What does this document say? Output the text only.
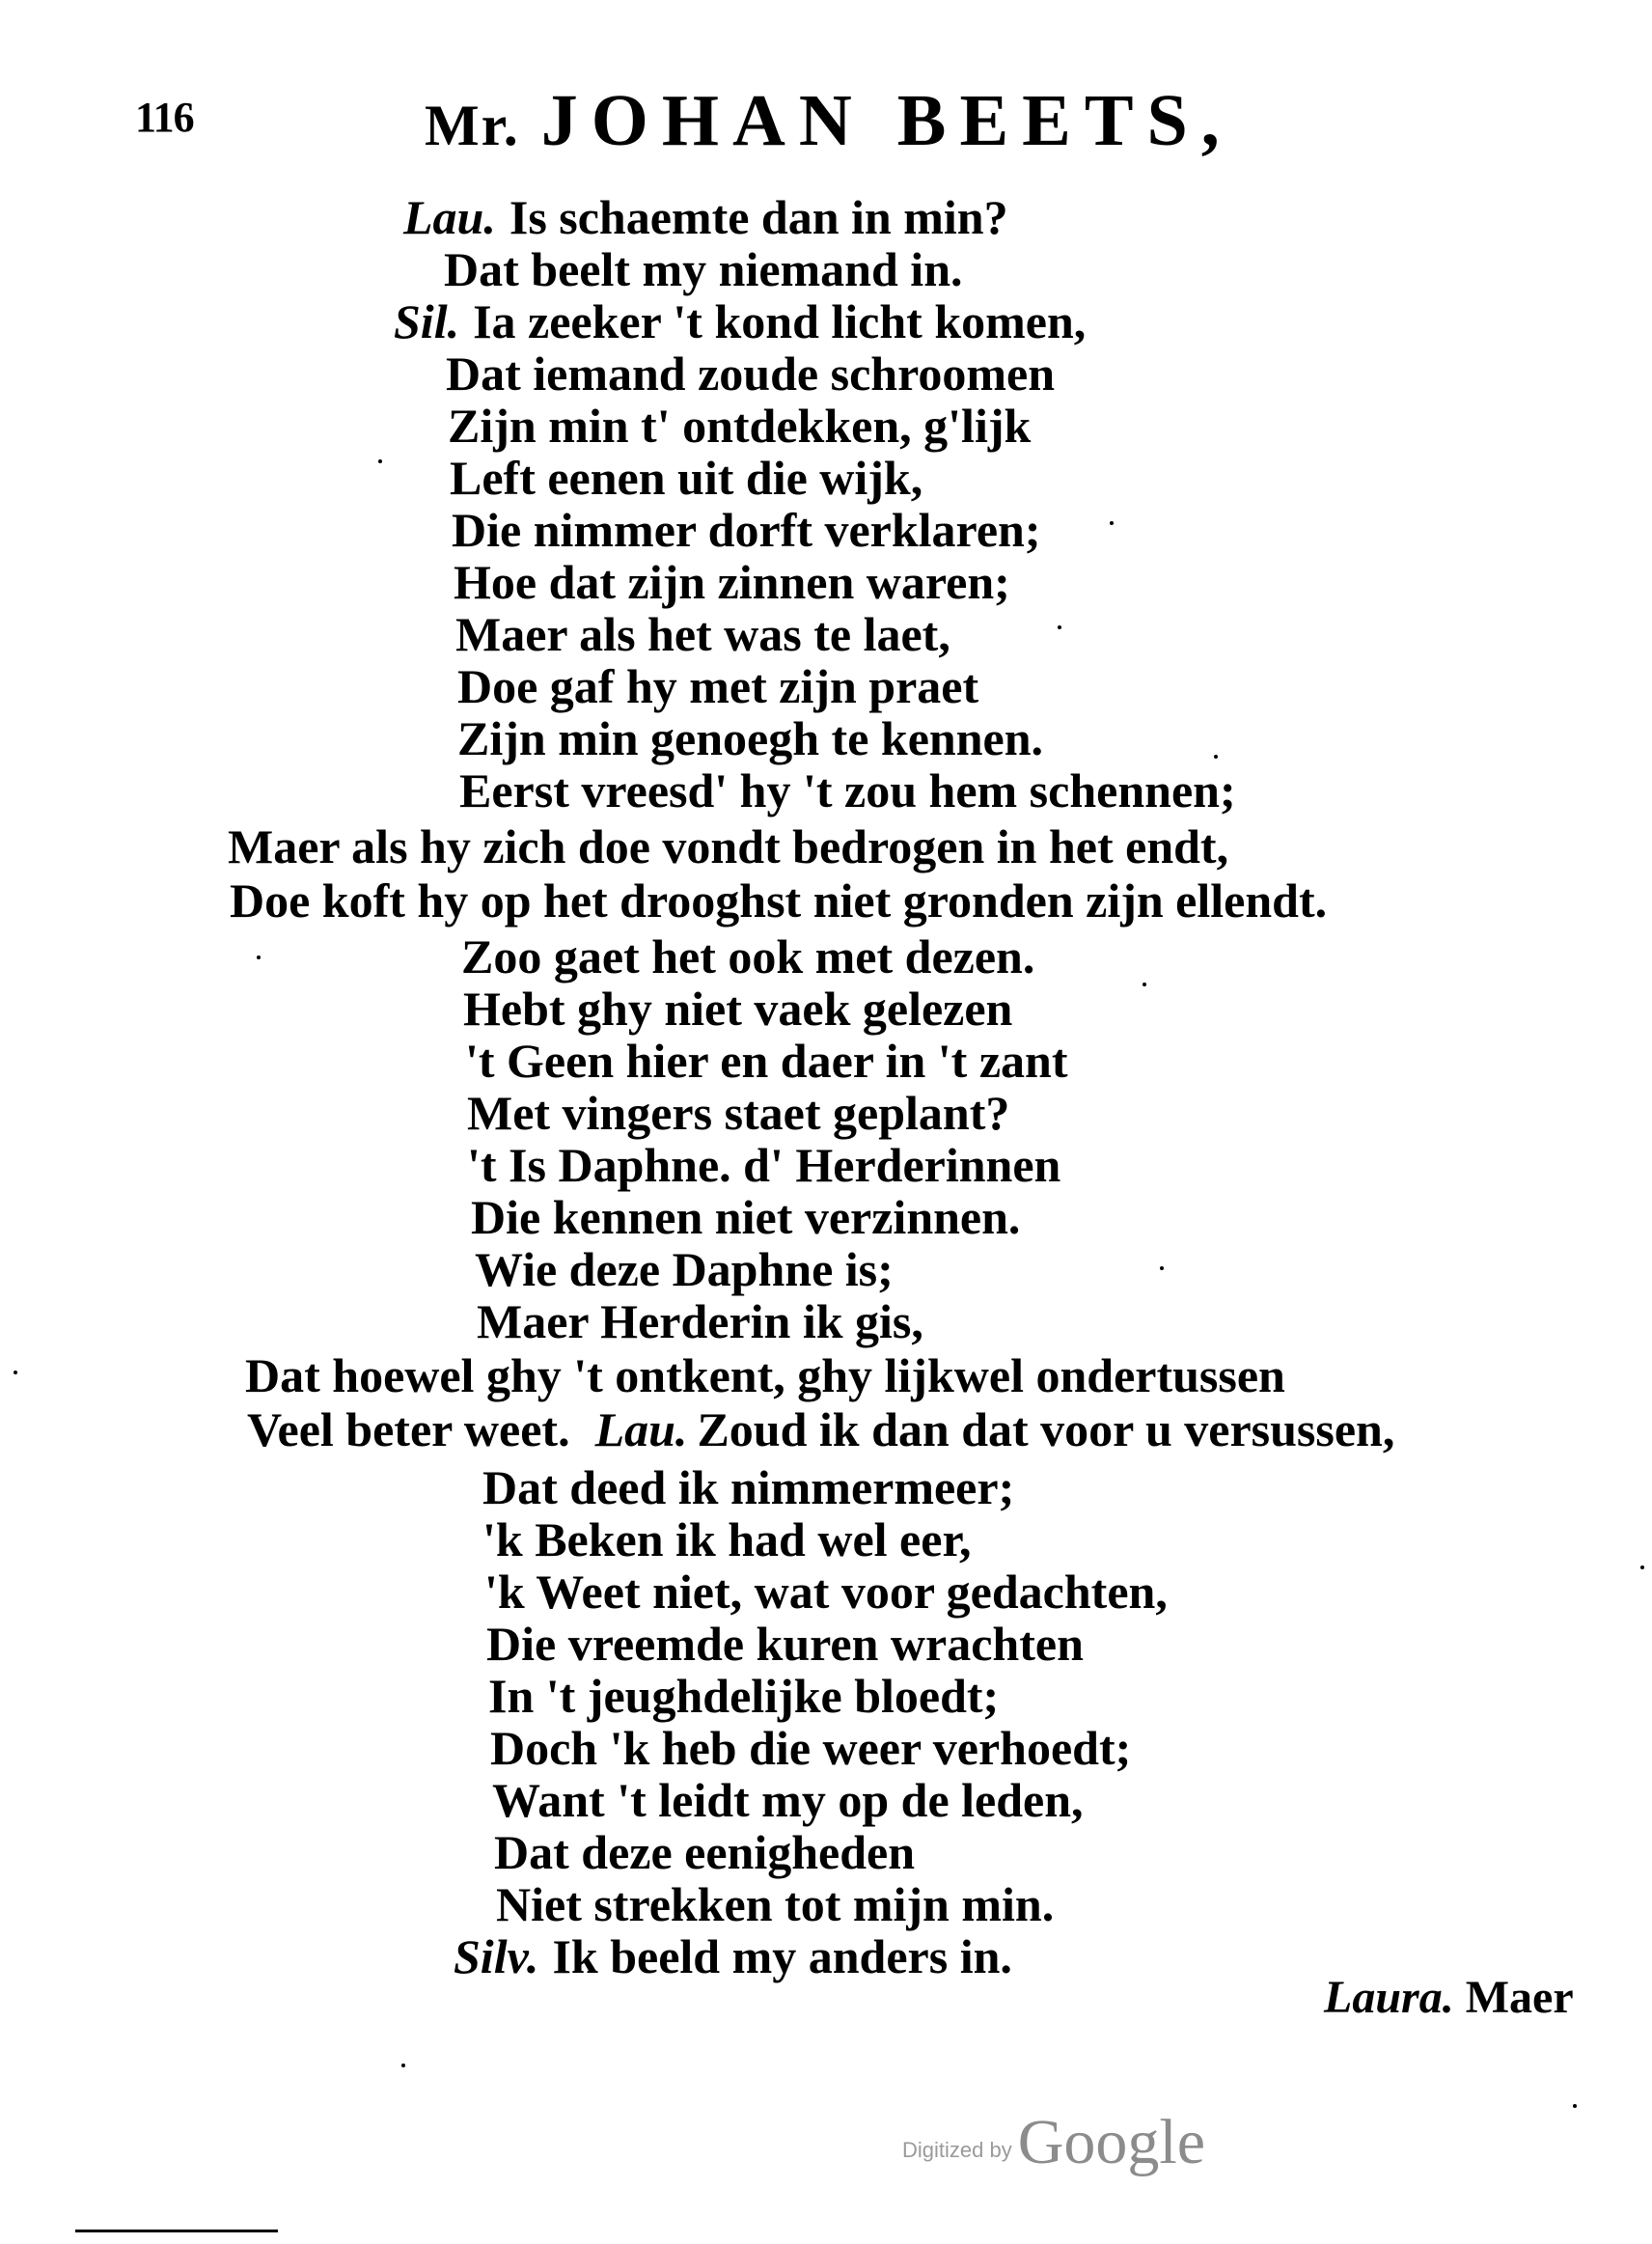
116	Mr. JOHAN BEETS,
Lau. Is schaemte dan in min?
Dat beelt my niemand in.
Sil. Ia zeeker 't kond licht komen,
Dat iemand zoude schroomen
Zijn min t' ontdekken, g'lijk
Left eenen uit die wijk,
Die nimmer dorft verklaren;
Hoe dat zijn zinnen waren;
Maer als het was te laet,
Doe gaf hy met zijn praet
Zijn min genoegh te kennen.
Eerst vreesd' hy 't zou hem schennen;
Maer als hy zich doe vondt bedrogen in het endt,
Doe koft hy op het drooghst niet gronden zijn ellendt.
Zoo gaet het ook met dezen.
Hebt ghy niet vaek gelezen
't Geen hier en daer in 't zant
Met vingers staet geplant?
't Is Daphne. d' Herderinnen
Die kennen niet verzinnen.
Wie deze Daphne is;
Maer Herderin ik gis,
Dat hoewel ghy 't ontkent, ghy lijkwel ondertussen
Veel beter weet. Lau. Zoud ik dan dat voor u versussen,
Dat deed ik nimmermeer;
'k Beken ik had wel eer,
'k Weet niet, wat voor gedachten,
Die vreemde kuren wrachten
In 't jeughdelijke bloedt;
Doch 'k heb die weer verhoedt;
Want 't leidt my op de leden,
Dat deze eenigheden
Niet strekken tot mijn min.
Silv. Ik beeld my anders in.
Laura. Maer
Digitized byGoogle
